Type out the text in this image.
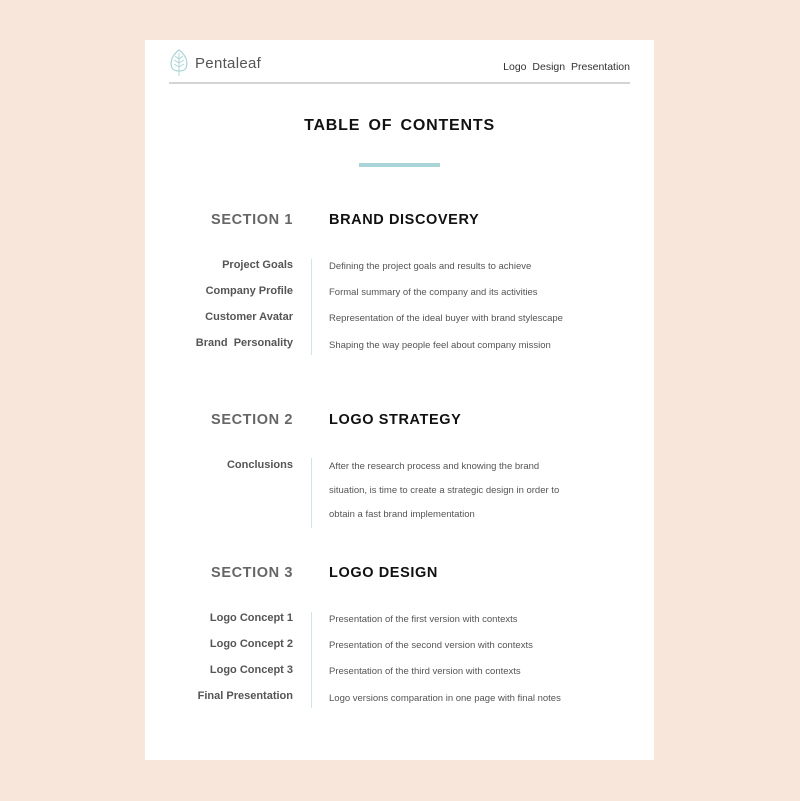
Pentaleaf	Logo Design Presentation
TABLE OF CONTENTS
SECTION 1 BRAND DISCOVERY
Project Goals	Defining the project goals and results to achieve
Company Profile	Formal summary of the company and its activities
Customer Avatar	Representation of the ideal buyer with brand stylescape
Brand  Personality	Shaping the way people feel about company mission
SECTION 2 LOGO STRATEGY
Conclusions	After the research process and knowing the brand
situation, is time to create a strategic design in order to
obtain a fast brand implementation
SECTION 3 LOGO DESIGN
Logo Concept 1	Presentation of the first version with contexts
Logo Concept 2	Presentation of the second version with contexts
Logo Concept 3	Presentation of the third version with contexts
Final Presentation	Logo versions comparation in one page with final notes
